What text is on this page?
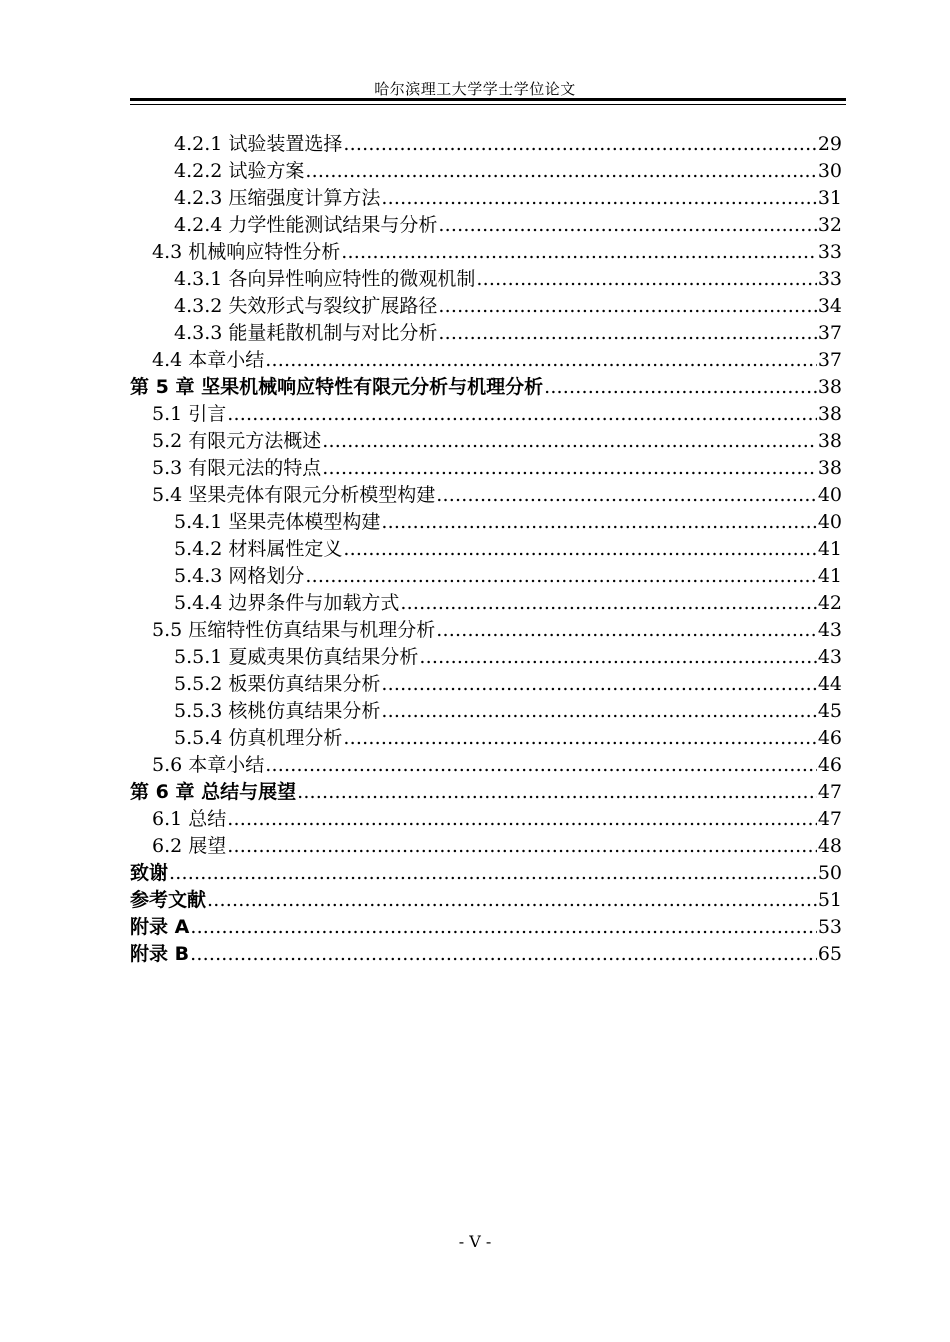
哈尔滨理工大学学士学位论文
4.2.1 试验装置选择 .....	29
4.2.2 试验方案 .....	30
4.2.3 压缩强度计算方法 .....	31
4.2.4 力学性能测试结果与分析 .....	32
4.3 机械响应特性分析 .....	33
4.3.1 各向异性响应特性的微观机制 .....	33
4.3.2 失效形式与裂纹扩展路径 .....	34
4.3.3 能量耗散机制与对比分析 .....	37
4.4 本章小结 .....	37
第 5 章 坚果机械响应特性有限元分析与机理分析 .....	38
5.1 引言 .....	38
5.2 有限元方法概述 .....	38
5.3 有限元法的特点 .....	38
5.4 坚果壳体有限元分析模型构建 .....	40
5.4.1 坚果壳体模型构建 .....	40
5.4.2 材料属性定义 .....	41
5.4.3 网格划分 .....	41
5.4.4 边界条件与加载方式 .....	42
5.5 压缩特性仿真结果与机理分析 .....	43
5.5.1 夏威夷果仿真结果分析 .....	43
5.5.2 板栗仿真结果分析 .....	44
5.5.3 核桃仿真结果分析 .....	45
5.5.4 仿真机理分析 .....	46
5.6 本章小结 .....	46
第 6 章 总结与展望 .....	47
6.1 总结 .....	47
6.2 展望 .....	48
致谢 .....	50
参考文献 .....	51
附录 A .....	53
附录 B .....	65
- V -
